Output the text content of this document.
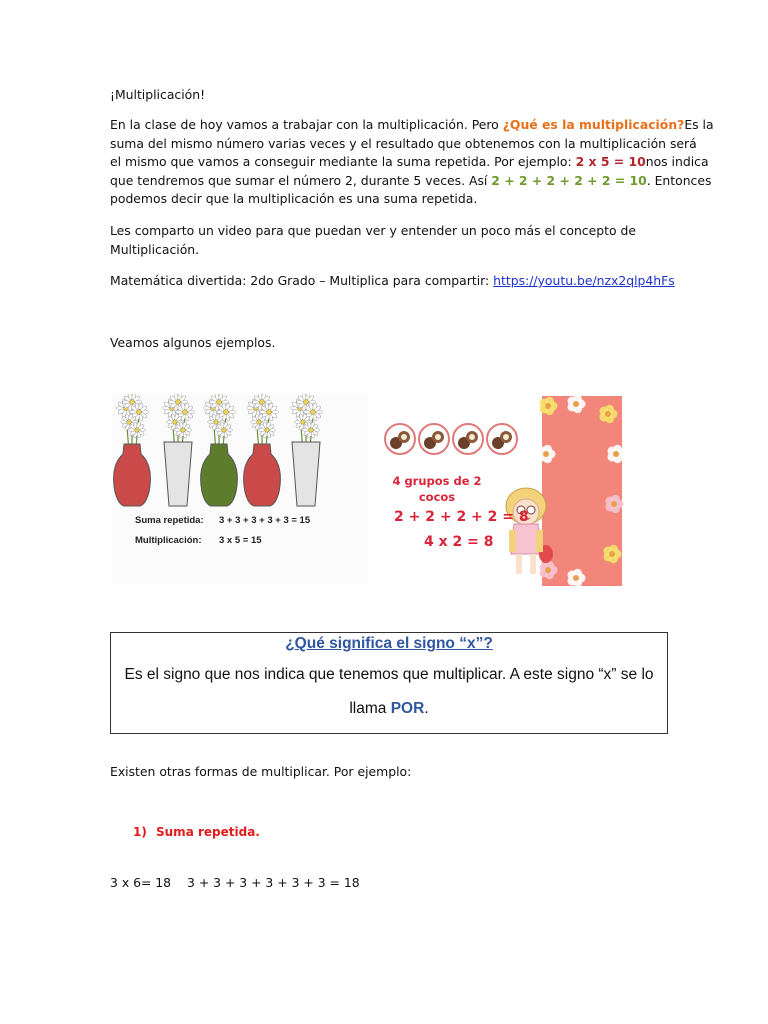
¡Multiplicación!
En la clase de hoy vamos a trabajar con la multiplicación. Pero ¿Qué es la multiplicación?Es la
suma del mismo número varias veces y el resultado que obtenemos con la multiplicación será
el mismo que vamos a conseguir mediante la suma repetida. Por ejemplo: 2 x 5 = 10nos indica
que tendremos que sumar el número 2, durante 5 veces. Así 2 + 2 + 2 + 2 + 2 = 10. Entonces
podemos decir que la multiplicación es una suma repetida.
Les comparto un video para que puedan ver y entender un poco más el concepto de
Multiplicación.
Matemática divertida: 2do Grado – Multiplica para compartir: https://youtu.be/nzx2qlp4hFs
Veamos algunos ejemplos.
Suma repetida: 3 + 3 + 3 + 3 + 3 = 15
Multiplicación: 3 x 5 = 15
4 grupos de 2
cocos
2 + 2 + 2 + 2 = 8
4 x 2 = 8
¿Qué significa el signo “x”?
Es el signo que nos indica que tenemos que multiplicar. A este signo “x” se lo
llama POR.
Existen otras formas de multiplicar. Por ejemplo:
1) Suma repetida.
3 x 6= 18 3 + 3 + 3 + 3 + 3 + 3 = 18
